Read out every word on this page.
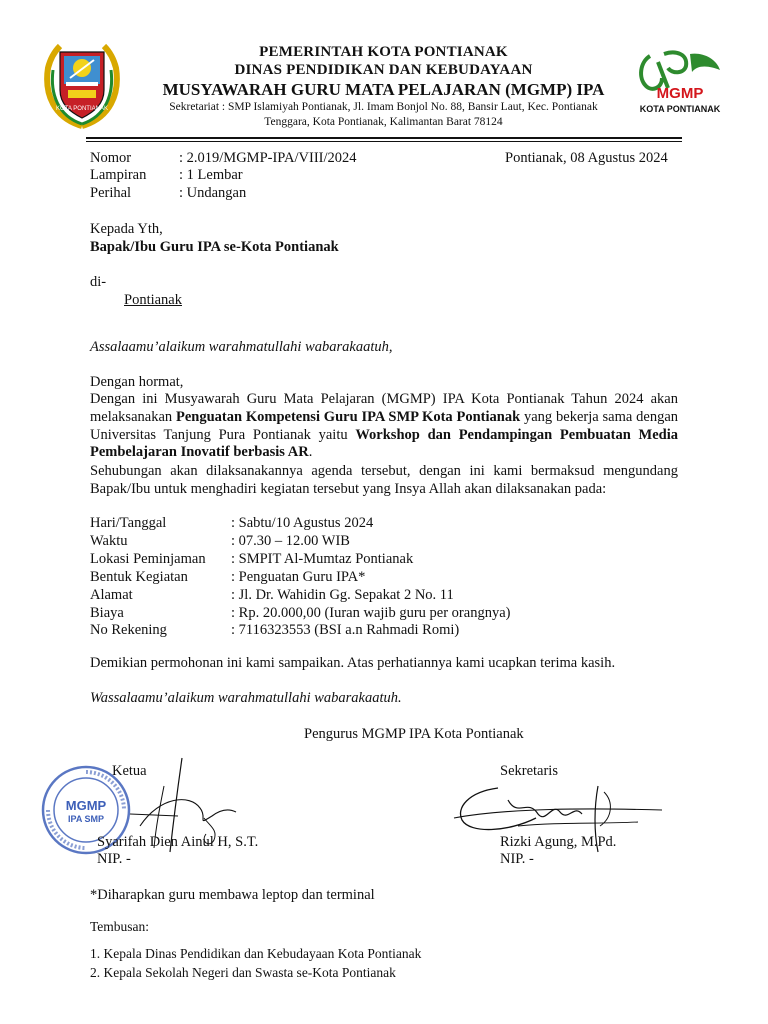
KOTA PONTIANAK
PEMERINTAH KOTA PONTIANAK
DINAS PENDIDIKAN DAN KEBUDAYAAN
MUSYAWARAH GURU MATA PELAJARAN (MGMP) IPA
Sekretariat : SMP Islamiyah Pontianak, Jl. Imam Bonjol No. 88, Bansir Laut, Kec. Pontianak
Tenggara, Kota Pontianak, Kalimantan Barat 78124
MGMP
KOTA PONTIANAK
Nomor	: 2.019/MGMP-IPA/VIII/2024	Pontianak, 08 Agustus 2024
Lampiran : 1 Lembar
Perihal	: Undangan
Kepada Yth,
Bapak/Ibu Guru IPA se-Kota Pontianak
di-
Pontianak
Assalaamu’alaikum warahmatullahi wabarakaatuh,
Dengan hormat,
Dengan ini Musyawarah Guru Mata Pelajaran (MGMP) IPA Kota Pontianak Tahun 2024 akan melaksanakan Penguatan Kompetensi Guru IPA SMP Kota Pontianak yang bekerja sama dengan Universitas Tanjung Pura Pontianak yaitu Workshop dan Pendampingan Pembuatan Media Pembelajaran Inovatif berbasis AR.
Sehubungan akan dilaksanakannya agenda tersebut, dengan ini kami bermaksud mengundang Bapak/Ibu untuk menghadiri kegiatan tersebut yang Insya Allah akan dilaksanakan pada:
Hari/Tanggal	: Sabtu/10 Agustus 2024
Waktu	: 07.30 – 12.00 WIB
Lokasi Peminjaman : SMPIT Al-Mumtaz Pontianak
Bentuk Kegiatan	: Penguatan Guru IPA*
Alamat	: Jl. Dr. Wahidin Gg. Sepakat 2 No. 11
Biaya	: Rp. 20.000,00 (Iuran wajib guru per orangnya)
No Rekening	: 7116323553 (BSI a.n Rahmadi Romi)
Demikian permohonan ini kami sampaikan. Atas perhatiannya kami ucapkan terima kasih.
Wassalaamu’alaikum warahmatullahi wabarakaatuh.
Pengurus MGMP IPA Kota Pontianak
MGMP
IPA SMP
Ketua
Syarifah Dien Ainul H, S.T.
NIP. -
Sekretaris
Rizki Agung, M.Pd.
NIP. -
*Diharapkan guru membawa leptop dan terminal
Tembusan:
1. Kepala Dinas Pendidikan dan Kebudayaan Kota Pontianak
2. Kepala Sekolah Negeri dan Swasta se-Kota Pontianak
